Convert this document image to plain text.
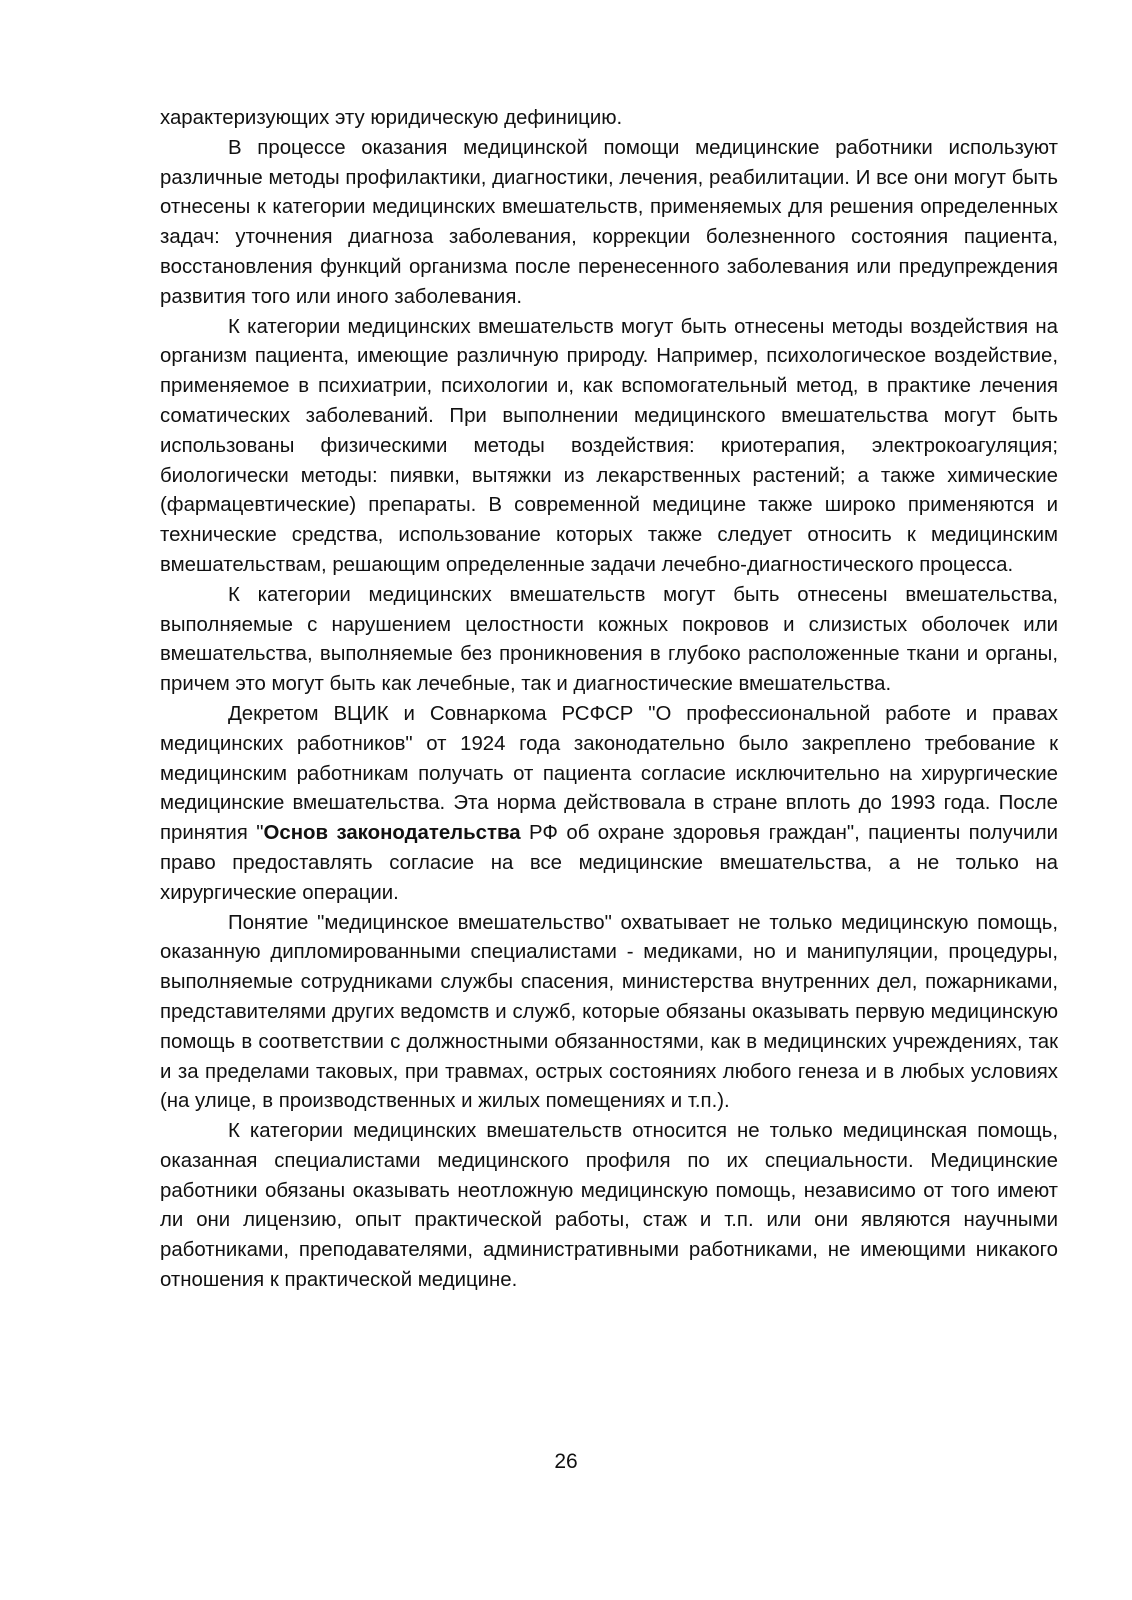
характеризующих эту юридическую дефиницию.

В процессе оказания медицинской помощи медицинские работники используют различные методы профилактики, диагностики, лечения, реабилитации. И все они могут быть отнесены к категории медицинских вмешательств, применяемых для решения определенных задач: уточнения диагноза заболевания, коррекции болезненного состояния пациента, восстановления функций организма после перенесенного заболевания или предупреждения развития того или иного заболевания.

К категории медицинских вмешательств могут быть отнесены методы воздействия на организм пациента, имеющие различную природу. Например, психологическое воздействие, применяемое в психиатрии, психологии и, как вспомогательный метод, в практике лечения соматических заболеваний. При выполнении медицинского вмешательства могут быть использованы физическими методы воздействия: криотерапия, электрокоагуляция; биологически методы: пиявки, вытяжки из лекарственных растений; а также химические (фармацевтические) препараты. В современной медицине также широко применяются и технические средства, использование которых также следует относить к медицинским вмешательствам, решающим определенные задачи лечебно-диагностического процесса.

К категории медицинских вмешательств могут быть отнесены вмешательства, выполняемые с нарушением целостности кожных покровов и слизистых оболочек или вмешательства, выполняемые без проникновения в глубоко расположенные ткани и органы, причем это могут быть как лечебные, так и диагностические вмешательства.

Декретом ВЦИК и Совнаркома РСФСР "О профессиональной работе и правах медицинских работников" от 1924 года законодательно было закреплено требование к медицинским работникам получать от пациента согласие исключительно на хирургические медицинские вмешательства. Эта норма действовала в стране вплоть до 1993 года. После принятия "Основ законодательства РФ об охране здоровья граждан", пациенты получили право предоставлять согласие на все медицинские вмешательства, а не только на хирургические операции.

Понятие "медицинское вмешательство" охватывает не только медицинскую помощь, оказанную дипломированными специалистами - медиками, но и манипуляции, процедуры, выполняемые сотрудниками службы спасения, министерства внутренних дел, пожарниками, представителями других ведомств и служб, которые обязаны оказывать первую медицинскую помощь в соответствии с должностными обязанностями, как в медицинских учреждениях, так и за пределами таковых, при травмах, острых состояниях любого генеза и в любых условиях (на улице, в производственных и жилых помещениях и т.п.).

К категории медицинских вмешательств относится не только медицинская помощь, оказанная специалистами медицинского профиля по их специальности. Медицинские работники обязаны оказывать неотложную медицинскую помощь, независимо от того имеют ли они лицензию, опыт практической работы, стаж и т.п. или они являются научными работниками, преподавателями, административными работниками, не имеющими никакого отношения к практической медицине.

26
